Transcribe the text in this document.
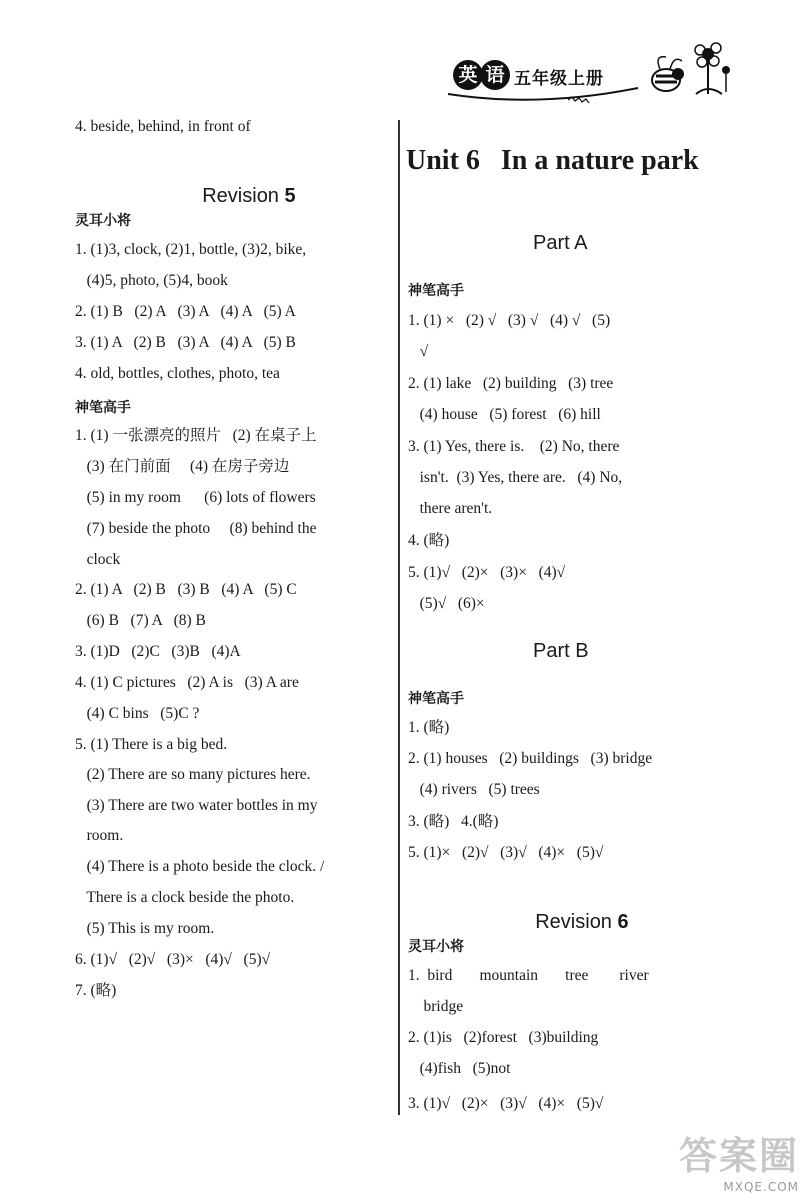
英 语 五年级上册
4. beside, behind, in front of

Revision 5

灵耳小将
1. (1)3, clock, (2)1, bottle, (3)2, bike,
(4)5, photo, (5)4, book
2. (1) B   (2) A   (3) A   (4) A   (5) A
3. (1) A   (2) B   (3) A   (4) A   (5) B
4. old, bottles, clothes, photo, tea
神笔高手
1. (1) 一张漂亮的照片   (2) 在桌子上
(3) 在门前面     (4) 在房子旁边
(5) in my room      (6) lots of flowers
(7) beside the photo     (8) behind the
clock
2. (1) A   (2) B   (3) B   (4) A   (5) C
(6) B   (7) A   (8) B
3. (1)D   (2)C   (3)B   (4)A
4. (1) C pictures   (2) A is   (3) A are
(4) C bins   (5)C ?
5. (1) There is a big bed.
(2) There are so many pictures here.
(3) There are two water bottles in my
room.
(4) There is a photo beside the clock. /
There is a clock beside the photo.
(5) This is my room.
6. (1)√   (2)√   (3)×   (4)√   (5)√
7. (略)
Unit 6   In a nature park
Part A
神笔高手
1. (1) ×   (2) √   (3) √   (4) √   (5)
√
2. (1) lake   (2) building   (3) tree
(4) house   (5) forest   (6) hill
3. (1) Yes, there is.    (2) No, there
isn't.  (3) Yes, there are.   (4) No,
there aren't.
4. (略)
5. (1)√   (2)×   (3)×   (4)√
(5)√   (6)×
Part B
神笔高手
1. (略)
2. (1) houses   (2) buildings   (3) bridge
(4) rivers   (5) trees
3. (略)   4.(略)
5. (1)×   (2)√   (3)√   (4)×   (5)√

Revision 6

灵耳小将
1.  bird       mountain       tree        river
bridge
2. (1)is   (2)forest   (3)building
(4)fish   (5)not
3. (1)√   (2)×   (3)√   (4)×   (5)√
答案圈
MXQE.COM
